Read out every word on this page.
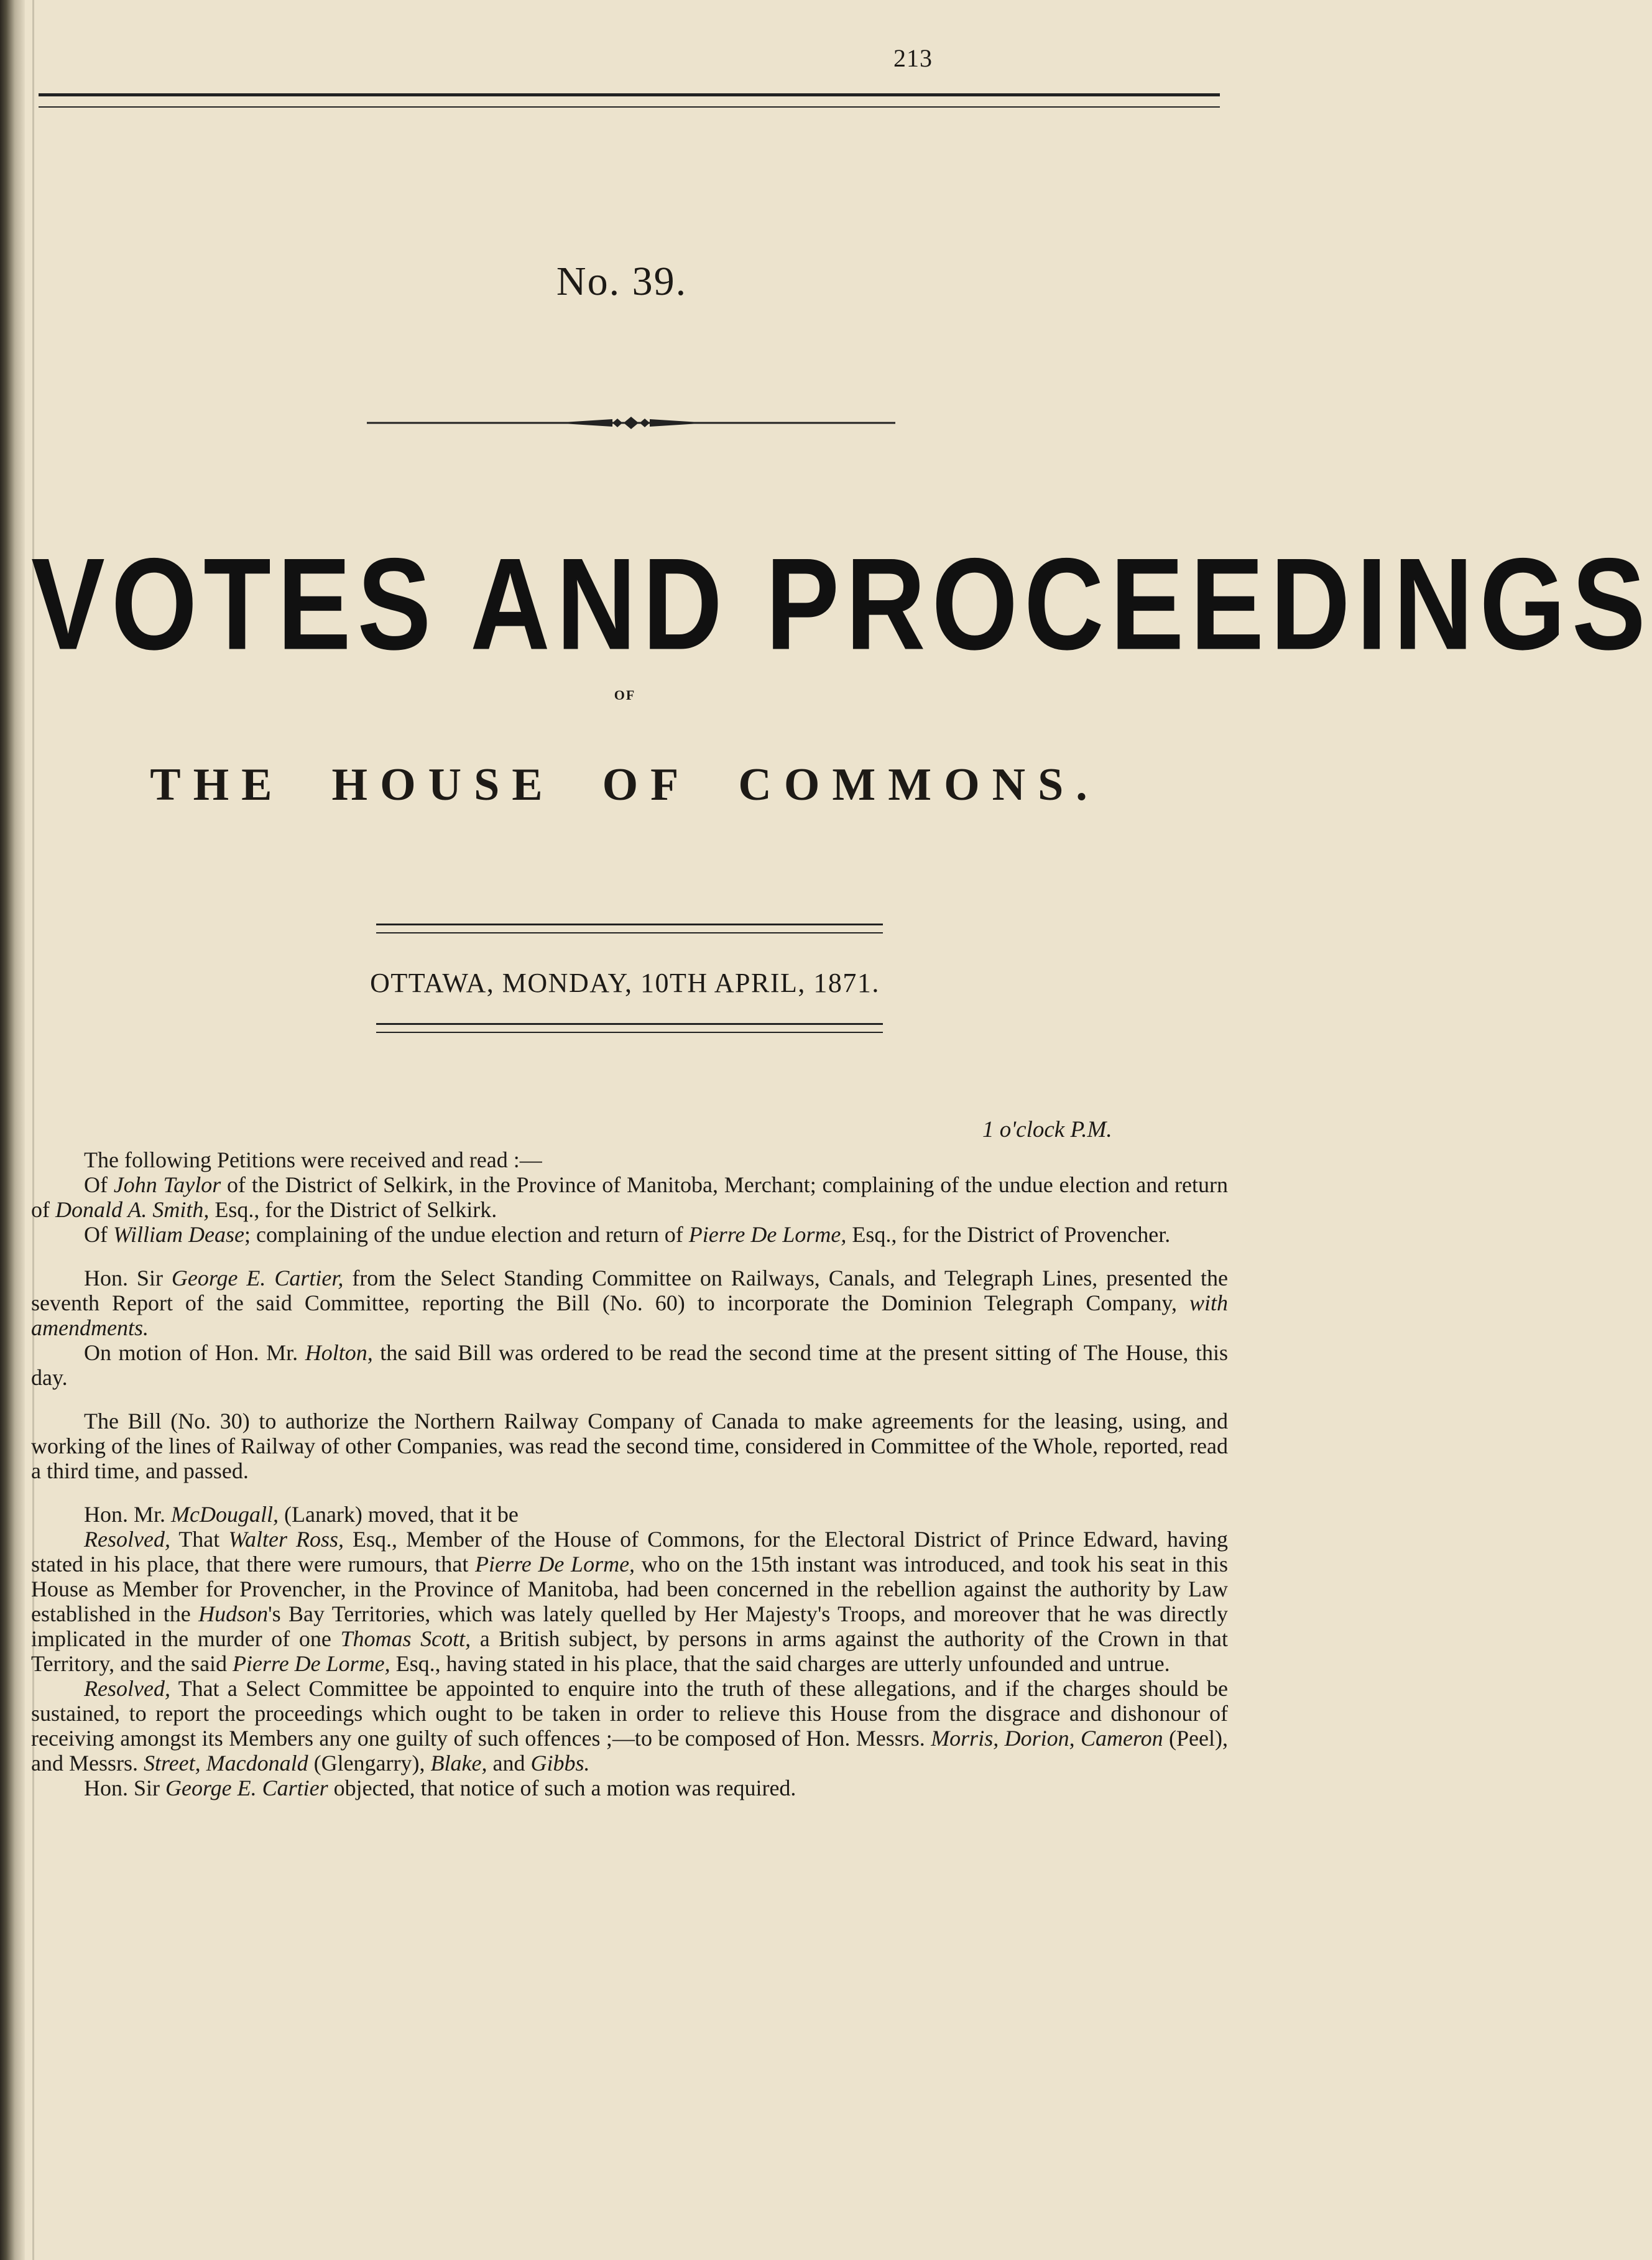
213
No. 39.
VOTES AND PROCEEDINGS
OF
THE HOUSE OF COMMONS.
OTTAWA, MONDAY, 10TH APRIL, 1871.
1 o'clock P.M.

The following Petitions were received and read :—

Of John Taylor of the District of Selkirk, in the Province of Manitoba, Merchant; complaining of the undue election and return of Donald A. Smith, Esq., for the District of Selkirk.

Of William Dease; complaining of the undue election and return of Pierre De Lorme, Esq., for the District of Provencher.

Hon. Sir George E. Cartier, from the Select Standing Committee on Railways, Canals, and Telegraph Lines, presented the seventh Report of the said Committee, reporting the Bill (No. 60) to incorporate the Dominion Telegraph Company, with amendments.

On motion of Hon. Mr. Holton, the said Bill was ordered to be read the second time at the present sitting of The House, this day.

The Bill (No. 30) to authorize the Northern Railway Company of Canada to make agreements for the leasing, using, and working of the lines of Railway of other Companies, was read the second time, considered in Committee of the Whole, reported, read a third time, and passed.

Hon. Mr. McDougall, (Lanark) moved, that it be

Resolved, That Walter Ross, Esq., Member of the House of Commons, for the Electoral District of Prince Edward, having stated in his place, that there were rumours, that Pierre De Lorme, who on the 15th instant was introduced, and took his seat in this House as Member for Provencher, in the Province of Manitoba, had been concerned in the rebellion against the authority by Law established in the Hudson's Bay Territories, which was lately quelled by Her Majesty's Troops, and moreover that he was directly implicated in the murder of one Thomas Scott, a British subject, by persons in arms against the authority of the Crown in that Territory, and the said Pierre De Lorme, Esq., having stated in his place, that the said charges are utterly unfounded and untrue.

Resolved, That a Select Committee be appointed to enquire into the truth of these allegations, and if the charges should be sustained, to report the proceedings which ought to be taken in order to relieve this House from the disgrace and dishonour of receiving amongst its Members any one guilty of such offences ;—to be composed of Hon. Messrs. Morris, Dorion, Cameron (Peel), and Messrs. Street, Macdonald (Glengarry), Blake, and Gibbs.

Hon. Sir George E. Cartier objected, that notice of such a motion was required.
